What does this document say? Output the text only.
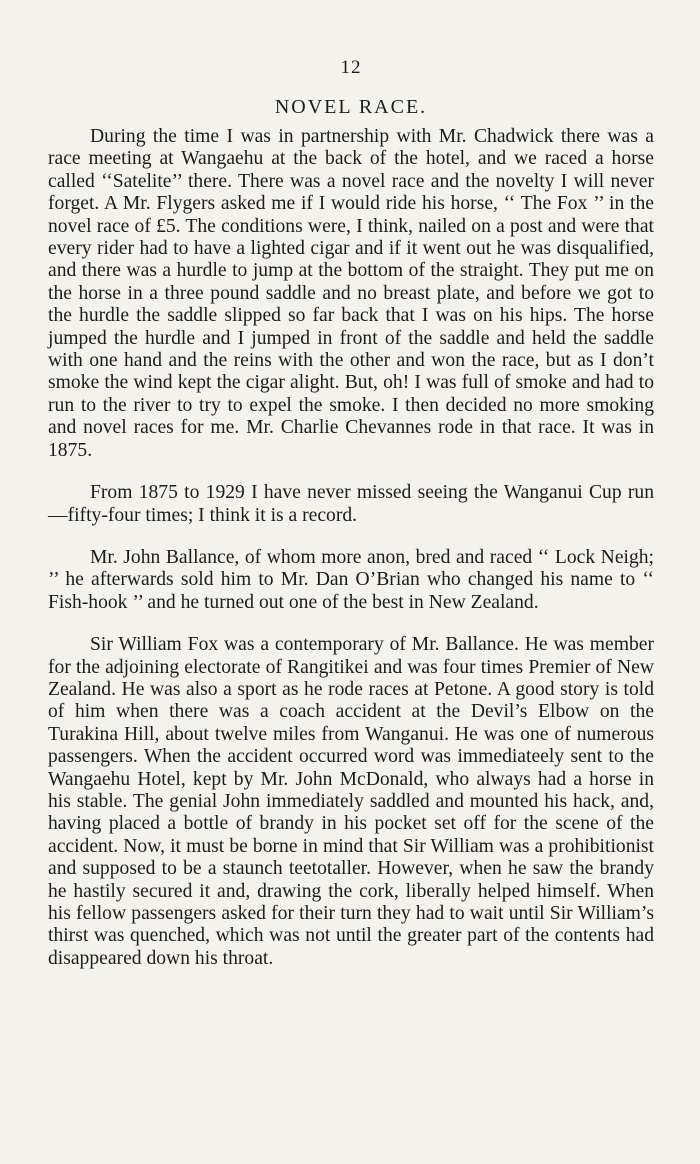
12
NOVEL RACE.

During the time I was in partnership with Mr. Chadwick there was a race meeting at Wangaehu at the back of the hotel, and we raced a horse called ‘‘Satelite’’ there. There was a novel race and the novelty I will never forget. A Mr. Flygers asked me if I would ride his horse, ‘‘ The Fox ’’ in the novel race of £5. The conditions were, I think, nailed on a post and were that every rider had to have a lighted cigar and if it went out he was disqualified, and there was a hurdle to jump at the bottom of the straight. They put me on the horse in a three pound saddle and no breast plate, and before we got to the hurdle the saddle slipped so far back that I was on his hips. The horse jumped the hurdle and I jumped in front of the saddle and held the saddle with one hand and the reins with the other and won the race, but as I don’t smoke the wind kept the cigar alight. But, oh! I was full of smoke and had to run to the river to try to expel the smoke. I then decided no more smoking and novel races for me. Mr. Charlie Chevannes rode in that race. It was in 1875.

From 1875 to 1929 I have never missed seeing the Wanganui Cup run—fifty-four times; I think it is a record.

Mr. John Ballance, of whom more anon, bred and raced ‘‘ Lock Neigh; ’’ he afterwards sold him to Mr. Dan O’Brian who changed his name to ‘‘ Fish-hook ’’ and he turned out one of the best in New Zealand.

Sir William Fox was a contemporary of Mr. Ballance. He was member for the adjoining electorate of Rangitikei and was four times Premier of New Zealand. He was also a sport as he rode races at Petone. A good story is told of him when there was a coach accident at the Devil’s Elbow on the Turakina Hill, about twelve miles from Wanganui. He was one of numerous passengers. When the accident occurred word was immediateely sent to the Wangaehu Hotel, kept by Mr. John McDonald, who always had a horse in his stable. The genial John immediately saddled and mounted his hack, and, having placed a bottle of brandy in his pocket set off for the scene of the accident. Now, it must be borne in mind that Sir William was a prohibitionist and supposed to be a staunch teetotaller. However, when he saw the brandy he hastily secured it and, drawing the cork, liberally helped himself. When his fellow passengers asked for their turn they had to wait until Sir William’s thirst was quenched, which was not until the greater part of the contents had disappeared down his throat.
